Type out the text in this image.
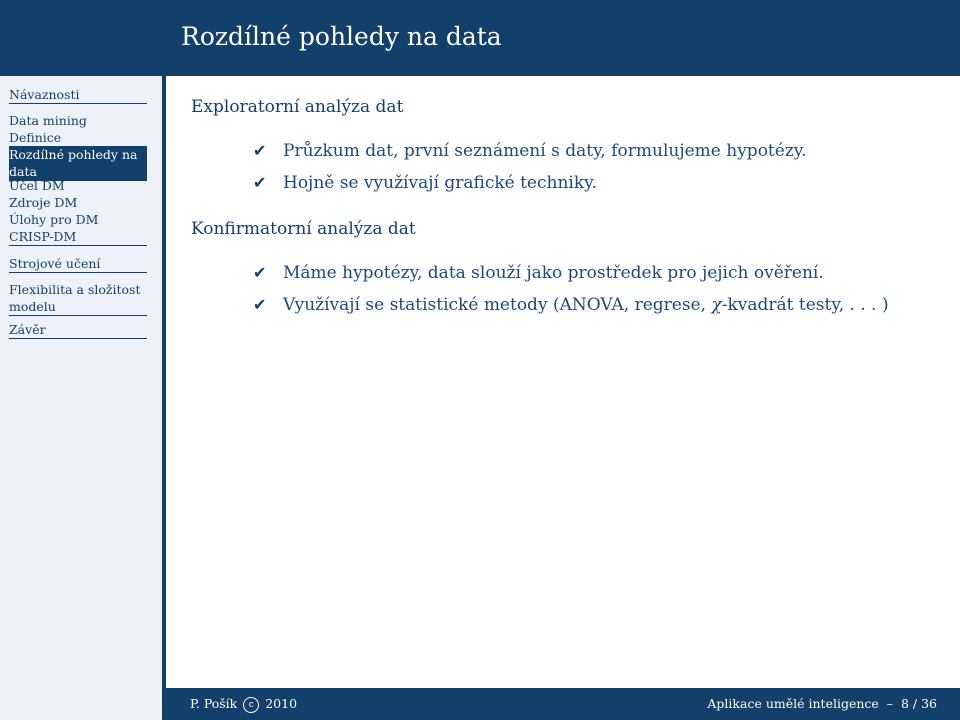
Rozdílné pohledy na data
Návaznosti
Data mining
Definice
Rozdílné pohledy na data
Účel DM
Zdroje DM
Úlohy pro DM
CRISP-DM
Strojové učení
Flexibilita a složitost modelu
Závěr
Exploratorní analýza dat
✔ Průzkum dat, první seznámení s daty, formulujeme hypotézy.
✔ Hojně se využívají grafické techniky.
Konfirmatorní analýza dat
✔ Máme hypotézy, data slouží jako prostředek pro jejich ověření.
✔ Využívají se statistické metody (ANOVA, regrese, χ-kvadrát testy, . . . )
P. Pošík c 2010	Aplikace umělé inteligence  –  8 / 36
